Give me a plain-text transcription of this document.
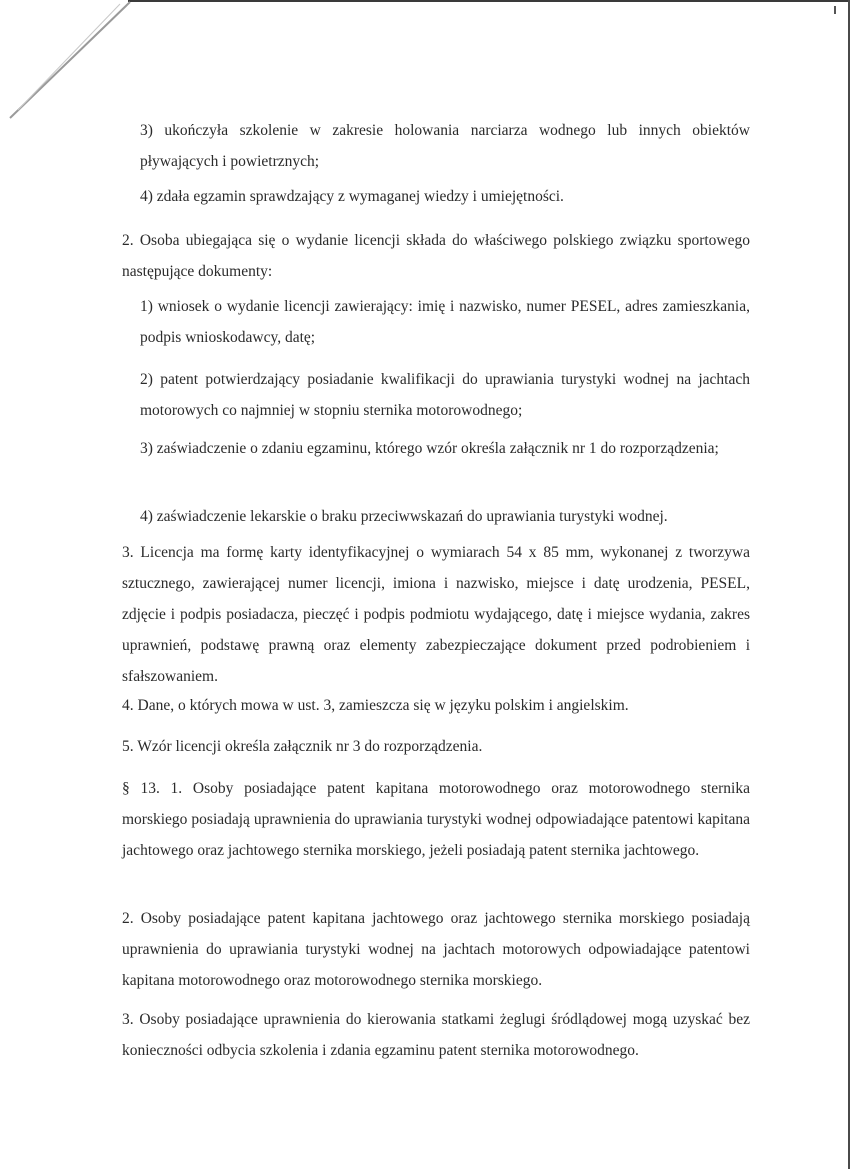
3) ukończyła szkolenie w zakresie holowania narciarza wodnego lub innych obiektów pływających i powietrznych;

4) zdała egzamin sprawdzający z wymaganej wiedzy i umiejętności.

2. Osoba ubiegająca się o wydanie licencji składa do właściwego polskiego związku sportowego następujące dokumenty:

1) wniosek o wydanie licencji zawierający: imię i nazwisko, numer PESEL, adres zamieszkania, podpis wnioskodawcy, datę;

2) patent potwierdzający posiadanie kwalifikacji do uprawiania turystyki wodnej na jachtach motorowych co najmniej w stopniu sternika motorowodnego;

3) zaświadczenie o zdaniu egzaminu, którego wzór określa załącznik nr 1 do rozporządzenia;

4) zaświadczenie lekarskie o braku przeciwwskazań do uprawiania turystyki wodnej.

3. Licencja ma formę karty identyfikacyjnej o wymiarach 54 x 85 mm, wykonanej z tworzywa sztucznego, zawierającej numer licencji, imiona i nazwisko, miejsce i datę urodzenia, PESEL, zdjęcie i podpis posiadacza, pieczęć i podpis podmiotu wydającego, datę i miejsce wydania, zakres uprawnień, podstawę prawną oraz elementy zabezpieczające dokument przed podrobieniem i sfałszowaniem.

4. Dane, o których mowa w ust. 3, zamieszcza się w języku polskim i angielskim.

5. Wzór licencji określa załącznik nr 3 do rozporządzenia.

§ 13. 1. Osoby posiadające patent kapitana motorowodnego oraz motorowodnego sternika morskiego posiadają uprawnienia do uprawiania turystyki wodnej odpowiadające patentowi kapitana jachtowego oraz jachtowego sternika morskiego, jeżeli posiadają patent sternika jachtowego.

2. Osoby posiadające patent kapitana jachtowego oraz jachtowego sternika morskiego posiadają uprawnienia do uprawiania turystyki wodnej na jachtach motorowych odpowiadające patentowi kapitana motorowodnego oraz motorowodnego sternika morskiego.

3. Osoby posiadające uprawnienia do kierowania statkami żeglugi śródlądowej mogą uzyskać bez konieczności odbycia szkolenia i zdania egzaminu patent sternika motorowodnego.
